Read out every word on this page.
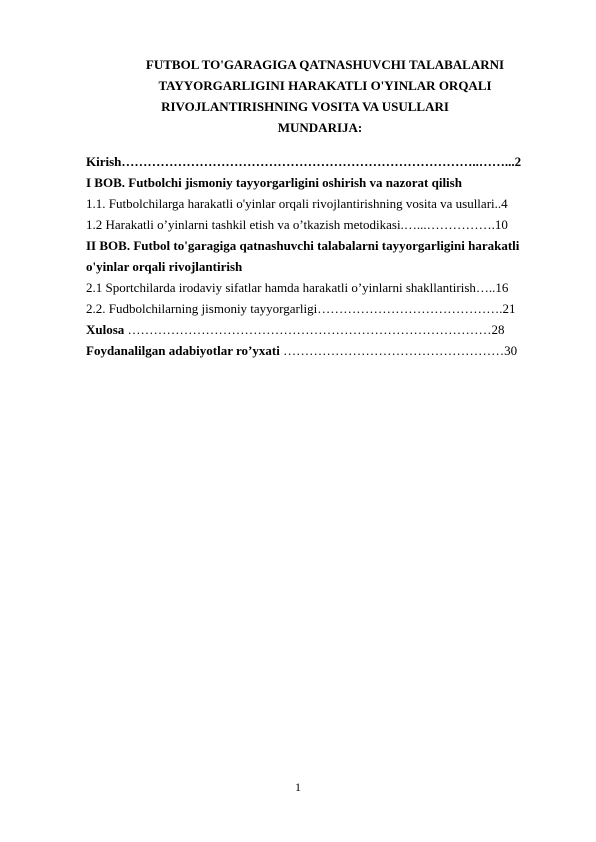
FUTBOL TO'GARAGIGA QATNASHUVCHI TALABALARNI
TAYYORGARLIGINI HARAKATLI O'YINLAR ORQALI
RIVOJLANTIRISHNING VOSITA VA USULLARI
MUNDARIJA:
Kirish………………………………………………………………………..……...2
I BOB. Futbolchi jismoniy tayyorgarligini oshirish va nazorat qilish
1.1. Futbolchilarga harakatli o'yinlar orqali rivojlantirishning vosita va usullari..4
1.2 Harakatli o’yinlarni tashkil etish va o’tkazish metodikasi.…...…………….10
II BOB. Futbol to'garagiga qatnashuvchi talabalarni tayyorgarligini harakatli
o'yinlar orqali rivojlantirish
2.1 Sportchilarda irodaviy sifatlar hamda harakatli o’yinlarni shakllantirish…..16
2.2. Fudbolchilarning jismoniy tayyorgarligi…………………………………….21
Xulosa …………………………………………………………………………28
Foydanalilgan adabiyotlar ro’yxati ……………………………………………30
1
